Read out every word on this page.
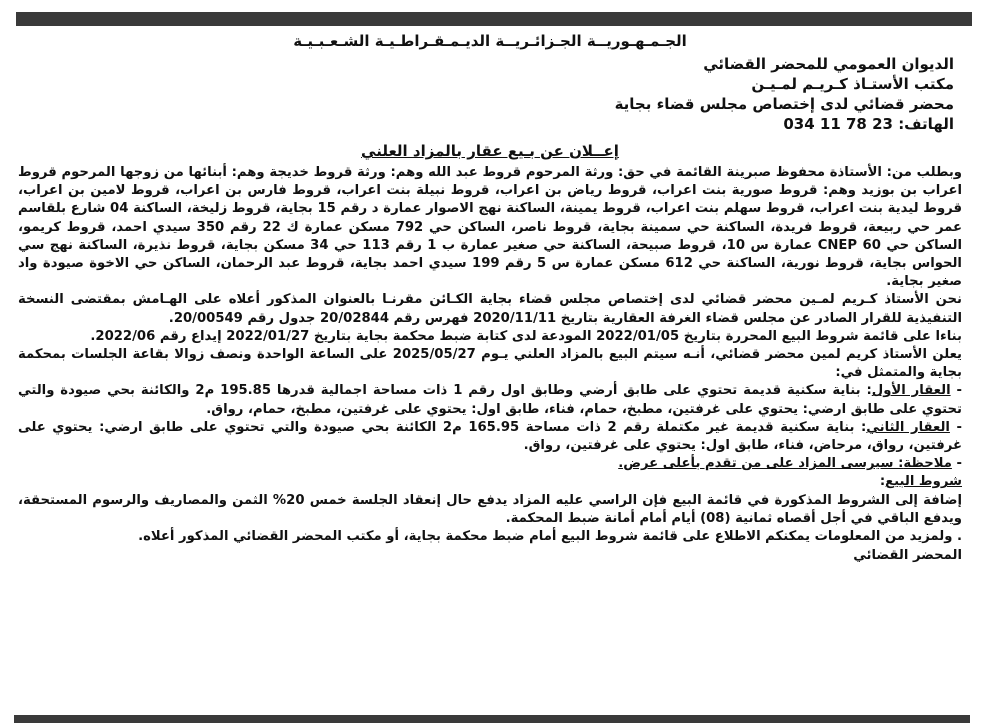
الجـمـهـوريــة الجـزائـريــة الديـمـقـراطـيـة الشـعـبـيـة
الديوان العمومي للمحضر القضائي
مكتب الأستـاذ كـريـم لمـيـن
محضر قضائي لدى إختصاص مجلس قضاء بجاية
الهاتف: 034 11 78 23
إعــلان عن بـيع عقار بالمزاد العلني

وبطلب من: الأستاذة محفوظ صبرينة القائمة في حق: ورثة المرحوم قروط عبد الله وهم: ورثة قروط خديجة وهم: أبنائها من زوجها المرحوم قروط اعراب بن بوزيد وهم: قروط صورية بنت اعراب، قروط رياض بن اعراب، قروط نبيلة بنت اعراب، قروط فارس بن اعراب، قروط لامين بن اعراب، قروط ليدية بنت اعراب، قروط سهلم بنت اعراب، قروط يمينة، الساكنة نهج الاصوار عمارة د رقم 15 بجاية، قروط زليخة، الساكنة 04 شارع بلقاسم عمر حي ربيعة، قروط فريدة، الساكنة حي سمينة بجاية، قروط ناصر، الساكن حي 792 مسكن عمارة ك 22 رقم 350 سيدي احمد، قروط كريمو، الساكن حي CNEP 60 عمارة س 10، قروط صبيحة، الساكنة حي صغير عمارة ب 1 رقم 113 حي 34 مسكن بجاية، قروط نذيرة، الساكنة نهج سي الحواس بجاية، قروط نورية، الساكنة حي 612 مسكن عمارة س 5 رقم 199 سيدي احمد بجاية، قروط عبد الرحمان، الساكن حي الاخوة صيودة واد صغير بجاية.

نحن الأستاذ كـريم لمـين محضر قضائي لدى إختصاص مجلس قضاء بجاية الكـائن مقرنـا بالعنوان المذكور أعلاه على الهـامش بمقتضى النسخة التنفيذية للقرار الصادر عن مجلس قضاء الغرفة العقارية بتاريخ 2020/11/11 فهرس رقم 20/02844 جدول رقم 20/00549.

بناءا على قائمة شروط البيع المحررة بتاريخ 2022/01/05 المودعة لدى كتابة ضبط محكمة بجاية بتاريخ 2022/01/27 إيداع رقم 2022/06.

يعلن الأستاذ كريم لمين محضر قضائي، أنـه سيتم البيع بالمزاد العلني يـوم 2025/05/27 على الساعة الواحدة ونصف زوالا بقاعة الجلسات بمحكمة بجاية والمتمثل في:

- العقار الأول: بناية سكنية قديمة تحتوي على طابق أرضي وطابق اول رقم 1 ذات مساحة اجمالية قدرها 195.85 م2 والكائنة بحي صيودة والتي تحتوي على طابق ارضي: يحتوي على غرفتين، مطبخ، حمام، فناء، طابق اول: يحتوي على غرفتين، مطبخ، حمام، رواق.

- العقار الثاني: بناية سكنية قديمة غير مكتملة رقم 2 ذات مساحة 165.95 م2 الكائنة بحي صيودة والتي تحتوي على طابق ارضي: يحتوي على غرفتين، رواق، مرحاض، فناء، طابق اول: يحتوي على غرفتين، رواق.

- ملاحظة: سيرسى المزاد على من تقدم بأعلى عرض.

شروط البيع:

إضافة إلى الشروط المذكورة في قائمة البيع فإن الراسي عليه المزاد يدفع حال إنعقاد الجلسة خمس 20% الثمن والمصاريف والرسوم المستحقة، ويدفع الباقي في أجل أقصاه ثمانية (08) أيام أمام أمانة ضبط المحكمة.

. ولمزيد من المعلومات يمكنكم الاطلاع على قائمة شروط البيع أمام ضبط محكمة بجاية، أو مكتب المحضر القضائي المذكور أعلاه.

المحضر القضائي
